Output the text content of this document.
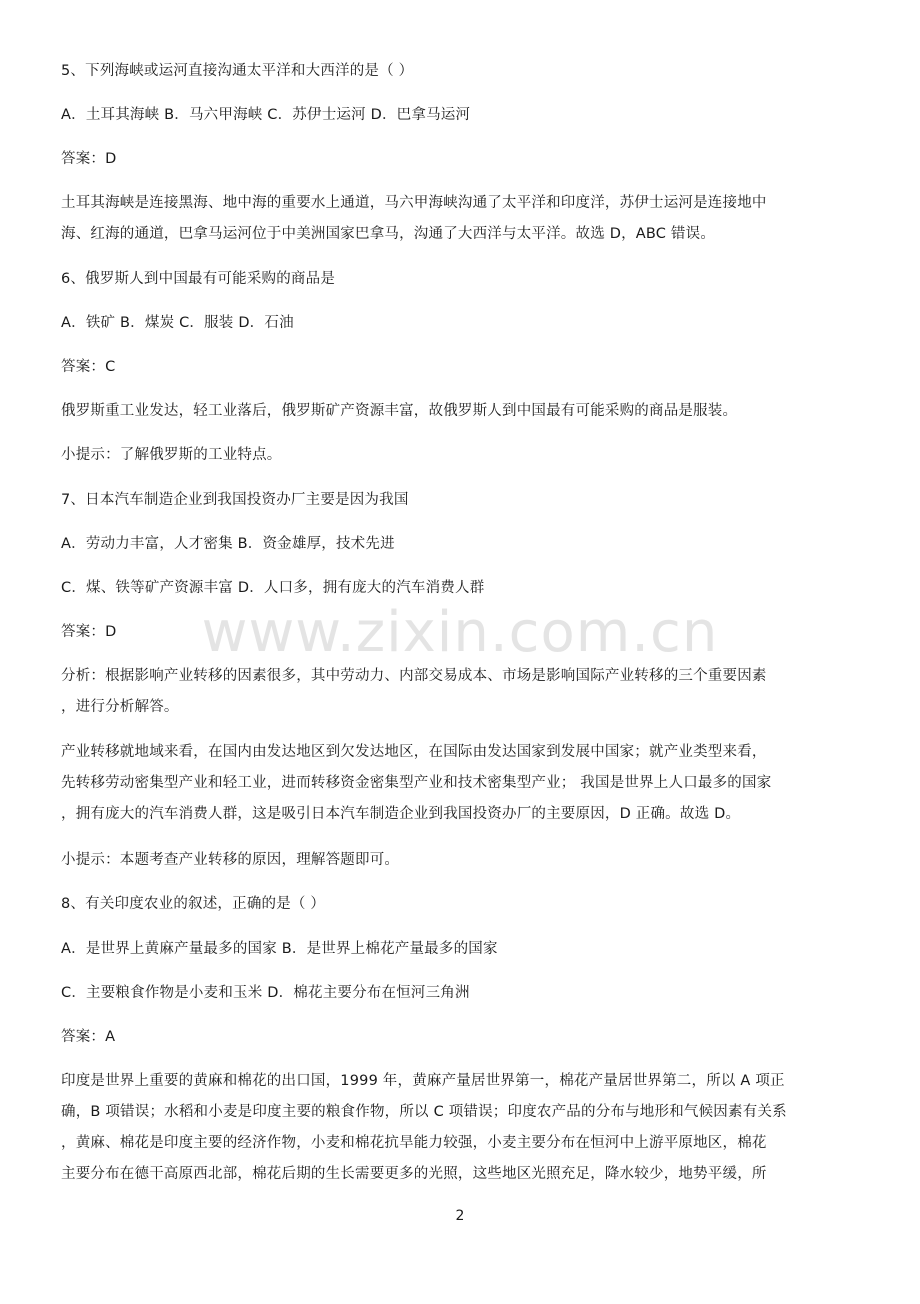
www.zixin.com.cn
5、下列海峡或运河直接沟通太平洋和大西洋的是（ ）
A．土耳其海峡 B．马六甲海峡 C．苏伊士运河 D．巴拿马运河
答案：D
土耳其海峡是连接黑海、地中海的重要水上通道，马六甲海峡沟通了太平洋和印度洋，苏伊士运河是连接地中
海、红海的通道，巴拿马运河位于中美洲国家巴拿马，沟通了大西洋与太平洋。故选 D，ABC 错误。
6、俄罗斯人到中国最有可能采购的商品是
A．铁矿 B．煤炭 C．服装 D．石油
答案：C
俄罗斯重工业发达，轻工业落后，俄罗斯矿产资源丰富，故俄罗斯人到中国最有可能采购的商品是服装。
小提示：了解俄罗斯的工业特点。
7、日本汽车制造企业到我国投资办厂主要是因为我国
A．劳动力丰富，人才密集 B．资金雄厚，技术先进
C．煤、铁等矿产资源丰富 D．人口多，拥有庞大的汽车消费人群
答案：D
分析：根据影响产业转移的因素很多，其中劳动力、内部交易成本、市场是影响国际产业转移的三个重要因素
，进行分析解答。
产业转移就地域来看，在国内由发达地区到欠发达地区，在国际由发达国家到发展中国家；就产业类型来看，
先转移劳动密集型产业和轻工业，进而转移资金密集型产业和技术密集型产业； 我国是世界上人口最多的国家
，拥有庞大的汽车消费人群，这是吸引日本汽车制造企业到我国投资办厂的主要原因，D 正确。故选 D。
小提示：本题考查产业转移的原因，理解答题即可。
8、有关印度农业的叙述，正确的是（ ）
A．是世界上黄麻产量最多的国家 B．是世界上棉花产量最多的国家
C．主要粮食作物是小麦和玉米 D．棉花主要分布在恒河三角洲
答案：A
印度是世界上重要的黄麻和棉花的出口国，1999 年，黄麻产量居世界第一，棉花产量居世界第二，所以 A 项正
确，B 项错误；水稻和小麦是印度主要的粮食作物，所以 C 项错误；印度农产品的分布与地形和气候因素有关系
，黄麻、棉花是印度主要的经济作物，小麦和棉花抗旱能力较强，小麦主要分布在恒河中上游平原地区，棉花
主要分布在德干高原西北部，棉花后期的生长需要更多的光照，这些地区光照充足，降水较少，地势平缓，所
2
